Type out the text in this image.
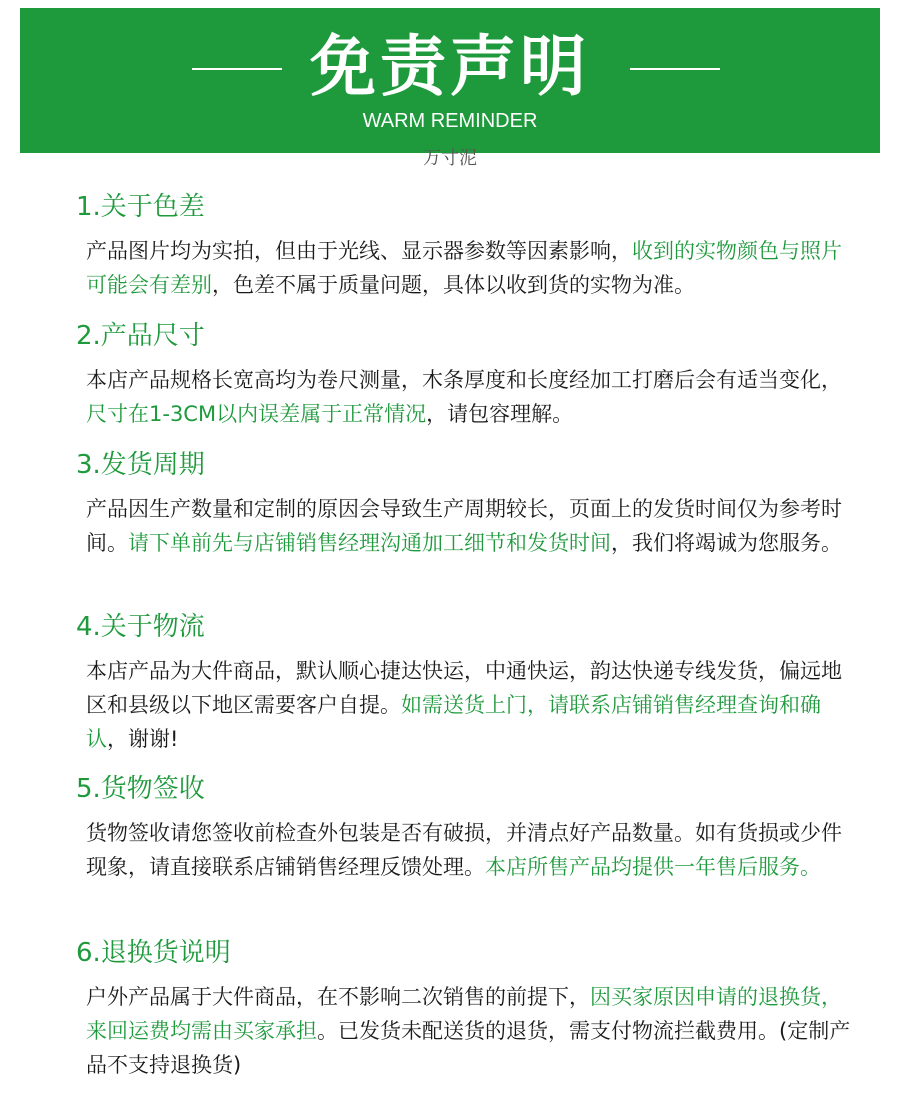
免责声明
WARM REMINDER
万寸泥
1.关于色差

产品图片均为实拍，但由于光线、显示器参数等因素影响，收到的实物颜色与照片可能会有差别，色差不属于质量问题，具体以收到货的实物为准。

2.产品尺寸

本店产品规格长宽高均为卷尺测量，木条厚度和长度经加工打磨后会有适当变化，尺寸在1-3CM以内误差属于正常情况，请包容理解。

3.发货周期

产品因生产数量和定制的原因会导致生产周期较长，页面上的发货时间仅为参考时间。请下单前先与店铺销售经理沟通加工细节和发货时间，我们将竭诚为您服务。

4.关于物流

本店产品为大件商品，默认顺心捷达快运，中通快运，韵达快递专线发货，偏远地区和县级以下地区需要客户自提。如需送货上门，请联系店铺销售经理查询和确认，谢谢!

5.货物签收

货物签收请您签收前检查外包装是否有破损，并清点好产品数量。如有货损或少件现象，请直接联系店铺销售经理反馈处理。本店所售产品均提供一年售后服务。

6.退换货说明

户外产品属于大件商品，在不影响二次销售的前提下，因买家原因申请的退换货，来回运费均需由买家承担。已发货未配送货的退货，需支付物流拦截费用。(定制产品不支持退换货)
